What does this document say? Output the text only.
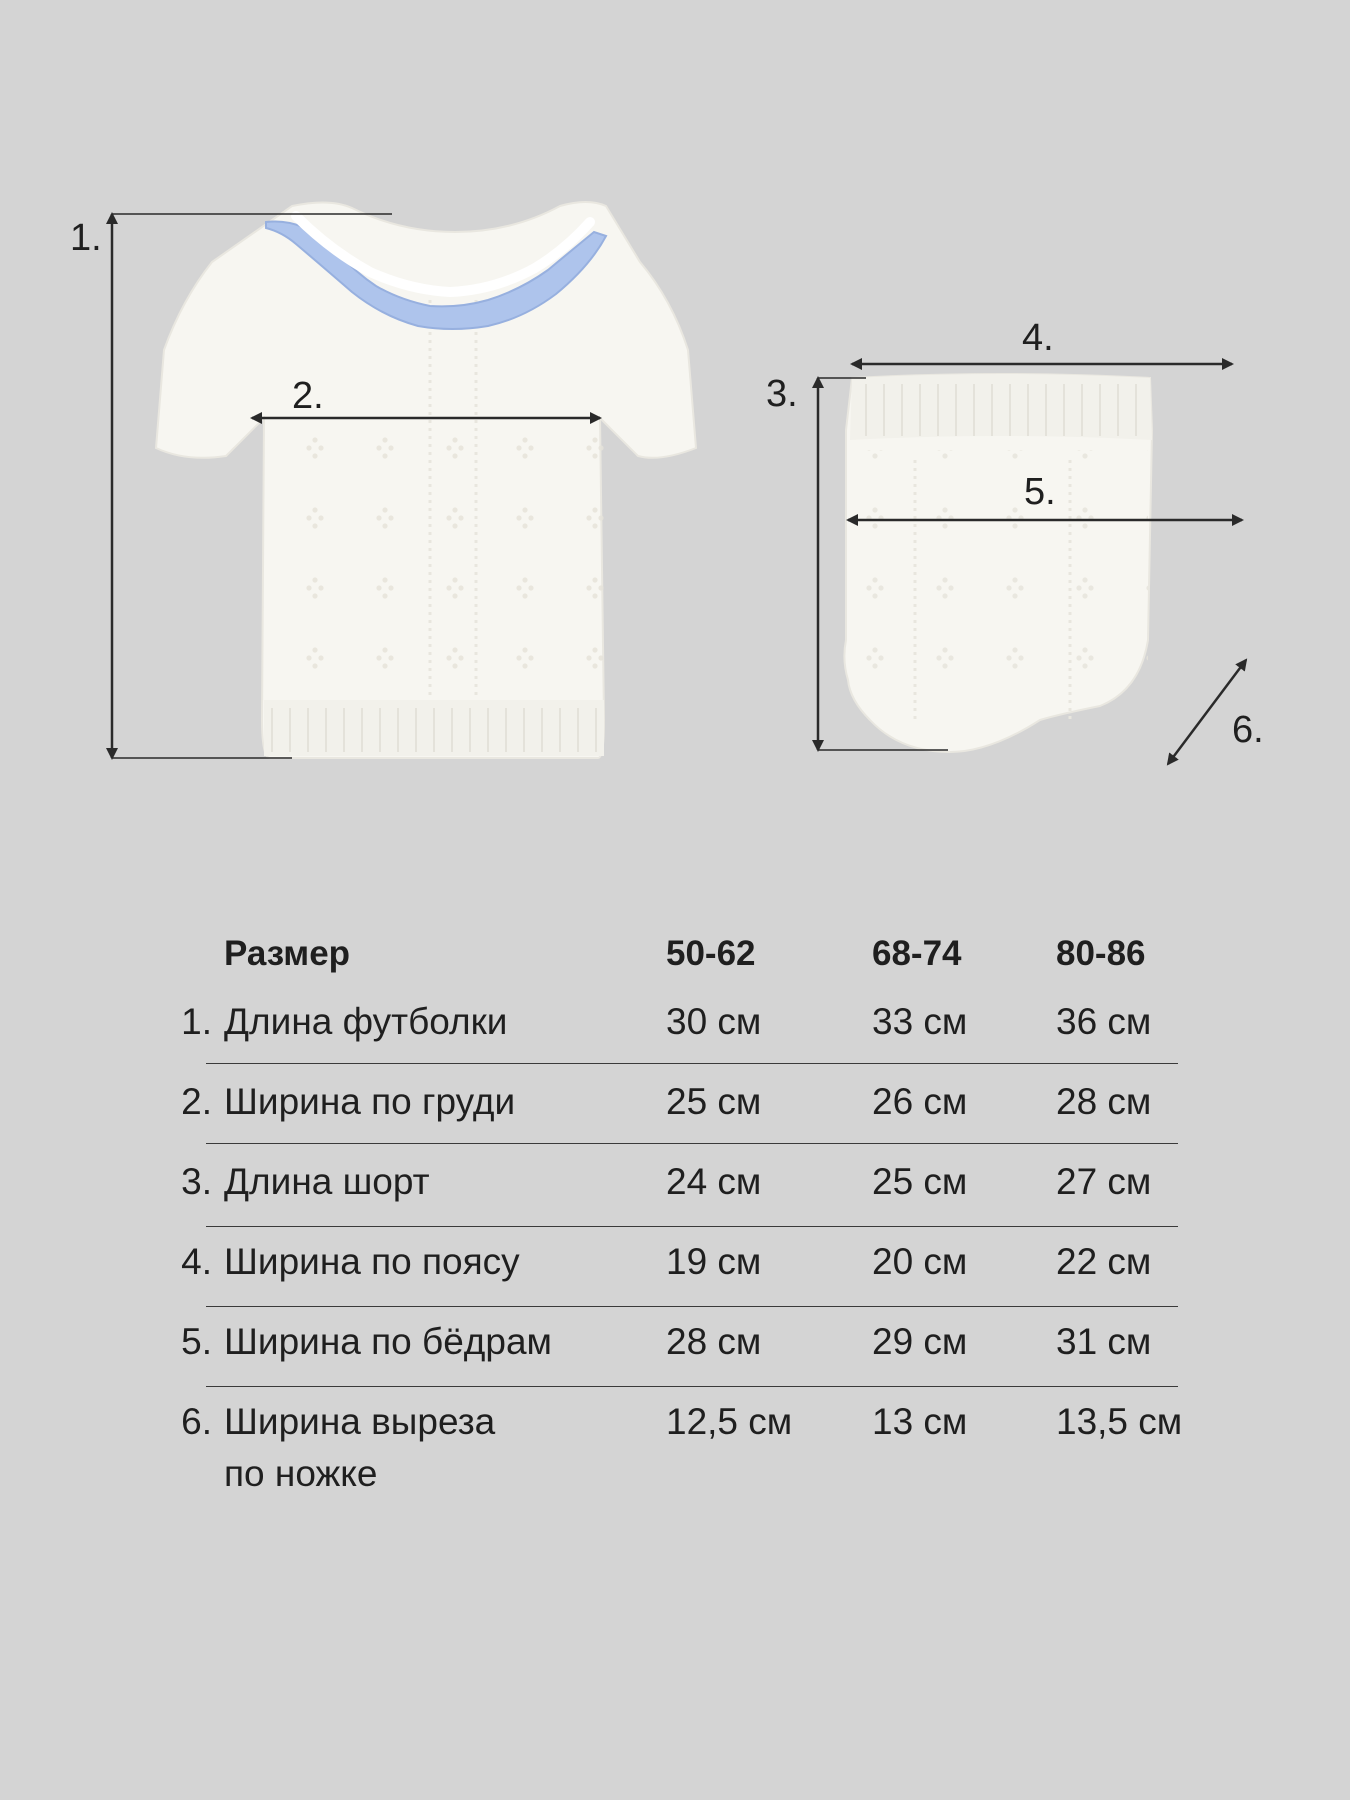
1.
2.	3.
4.
5.
6.
Размер	50-62	68-74	80-86
1. Длина футболки	30 см	33 см 36 см
2. Ширина по груди	25 см	26 см 28 см
3. Длина шорт	24 см	25 см 27 см
4. Ширина по поясу	19 см	20 см 22 см
5. Ширина по бёдрам	28 см	29 см 31 см
6. Ширина выреза
по ножке
12,5 см 13 см 13,5 см
